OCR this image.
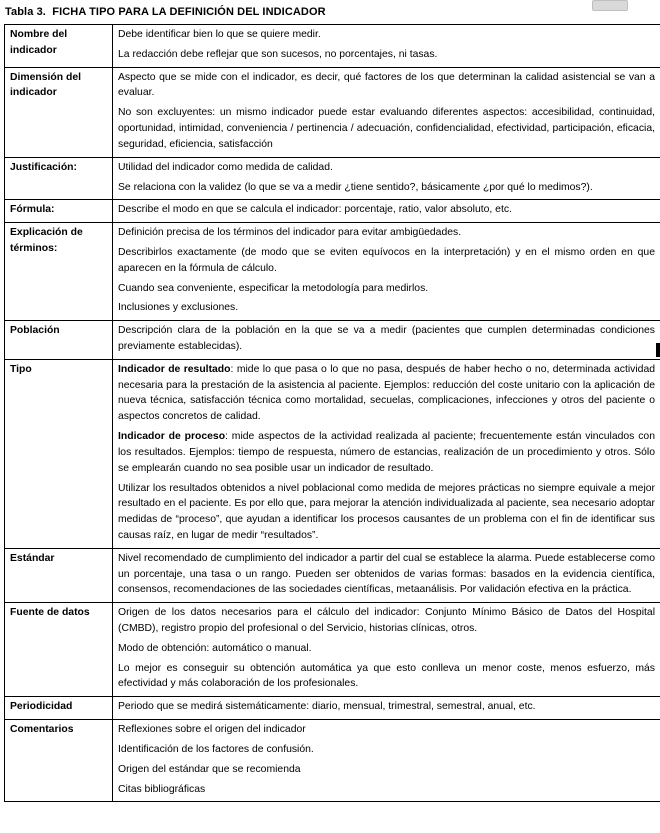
Tabla 3.  FICHA TIPO PARA LA DEFINICIÓN DEL INDICADOR
Nombre del indicador	Debe identificar bien lo que se quiere medir.

La redacción debe reflejar que son sucesos, no porcentajes, ni tasas.

Dimensión del indicador	Aspecto que se mide con el indicador, es decir, qué factores de los que determinan la calidad asistencial se van a evaluar.

No son excluyentes: un mismo indicador puede estar evaluando diferentes aspectos: accesibilidad, continuidad, oportunidad, intimidad, conveniencia / pertinencia / adecuación, confidencialidad, efectividad, participación, eficacia, seguridad, eficiencia, satisfacción

Justificación:	Utilidad del indicador como medida de calidad.

Se relaciona con la validez (lo que se va a medir ¿tiene sentido?, básicamente ¿por qué lo medimos?).

Fórmula:	Describe el modo en que se calcula el indicador: porcentaje, ratio, valor absoluto, etc.

Explicación de términos:	Definición precisa de los términos del indicador para evitar ambigüedades.

Describirlos exactamente (de modo que se eviten equívocos en la interpretación) y en el mismo orden en que aparecen en la fórmula de cálculo.

Cuando sea conveniente, especificar la metodología para medirlos.

Inclusiones y exclusiones.

Población	Descripción clara de la población en la que se va a medir (pacientes que cumplen determinadas condiciones previamente establecidas).

Tipo	Indicador de resultado: mide lo que pasa o lo que no pasa, después de haber hecho o no, determinada actividad necesaria para la prestación de la asistencia al paciente. Ejemplos: reducción del coste unitario con la aplicación de nueva técnica, satisfacción técnica como mortalidad, secuelas, complicaciones, infecciones y otros del paciente o aspectos concretos de calidad.

Indicador de proceso: mide aspectos de la actividad realizada al paciente; frecuentemente están vinculados con los resultados. Ejemplos: tiempo de respuesta, número de estancias, realización de un procedimiento y otros. Sólo se emplearán cuando no sea posible usar un indicador de resultado.

Utilizar los resultados obtenidos a nivel poblacional como medida de mejores prácticas no siempre equivale a mejor resultado en el paciente. Es por ello que, para mejorar la atención individualizada al paciente, sea necesario adoptar medidas de “proceso”, que ayudan a identificar los procesos causantes de un problema con el fin de identificar sus causas raíz, en lugar de medir “resultados”.

Estándar	Nivel recomendado de cumplimiento del indicador a partir del cual se establece la alarma. Puede establecerse como un porcentaje, una tasa o un rango. Pueden ser obtenidos de varias formas: basados en la evidencia científica, consensos, recomendaciones de las sociedades científicas, metaanálisis. Por validación efectiva en la práctica.

Fuente de datos	Origen de los datos necesarios para el cálculo del indicador: Conjunto Mínimo Básico de Datos del Hospital (CMBD), registro propio del profesional o del Servicio, historias clínicas, otros.

Modo de obtención: automático o manual.

Lo mejor es conseguir su obtención automática ya que esto conlleva un menor coste, menos esfuerzo, más efectividad y más colaboración de los profesionales.

Periodicidad	Periodo que se medirá sistemáticamente: diario, mensual, trimestral, semestral, anual, etc.

Comentarios	Reflexiones sobre el origen del indicador

Identificación de los factores de confusión.

Origen del estándar que se recomienda

Citas bibliográficas
